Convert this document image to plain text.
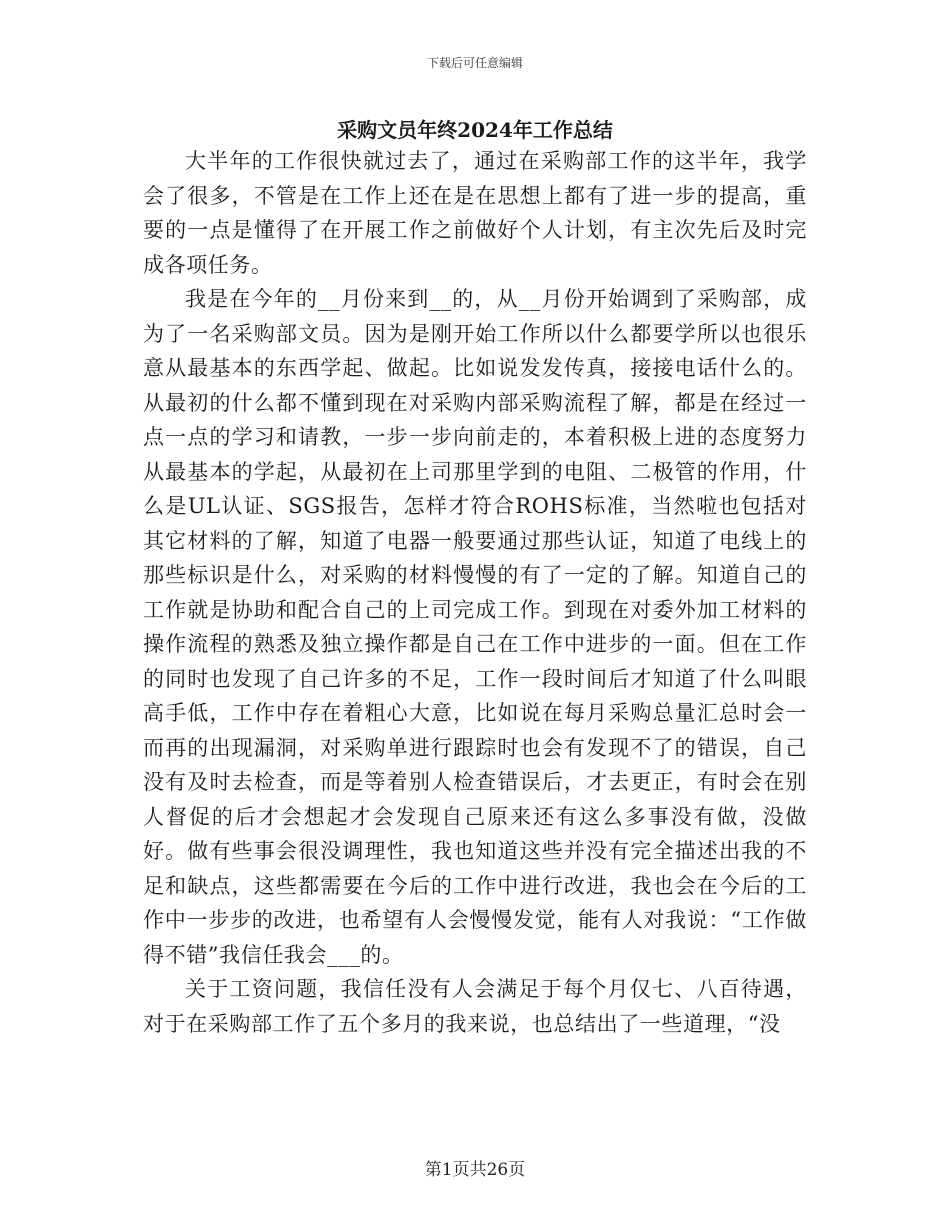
下载后可任意编辑
采购文员年终2024年工作总结

大半年的工作很快就过去了，通过在采购部工作的这半年，我学会了很多，不管是在工作上还在是在思想上都有了进一步的提高，重要的一点是懂得了在开展工作之前做好个人计划，有主次先后及时完成各项任务。

我是在今年的__月份来到__的，从__月份开始调到了采购部，成为了一名采购部文员。因为是刚开始工作所以什么都要学所以也很乐意从最基本的东西学起、做起。比如说发发传真，接接电话什么的。从最初的什么都不懂到现在对采购内部采购流程了解，都是在经过一点一点的学习和请教，一步一步向前走的，本着积极上进的态度努力从最基本的学起，从最初在上司那里学到的电阻、二极管的作用，什么是UL认证、SGS报告，怎样才符合ROHS标准，当然啦也包括对其它材料的了解，知道了电器一般要通过那些认证，知道了电线上的那些标识是什么，对采购的材料慢慢的有了一定的了解。知道自己的工作就是协助和配合自己的上司完成工作。到现在对委外加工材料的操作流程的熟悉及独立操作都是自己在工作中进步的一面。但在工作的同时也发现了自己许多的不足，工作一段时间后才知道了什么叫眼高手低，工作中存在着粗心大意，比如说在每月采购总量汇总时会一而再的出现漏洞，对采购单进行跟踪时也会有发现不了的错误，自己没有及时去检查，而是等着别人检查错误后，才去更正，有时会在别人督促的后才会想起才会发现自己原来还有这么多事没有做，没做好。做有些事会很没调理性，我也知道这些并没有完全描述出我的不足和缺点，这些都需要在今后的工作中进行改进，我也会在今后的工作中一步步的改进，也希望有人会慢慢发觉，能有人对我说：“工作做得不错”我信任我会___的。

关于工资问题，我信任没有人会满足于每个月仅七、八百待遇，对于在采购部工作了五个多月的我来说，也总结出了一些道理，“没

第1页共26页
